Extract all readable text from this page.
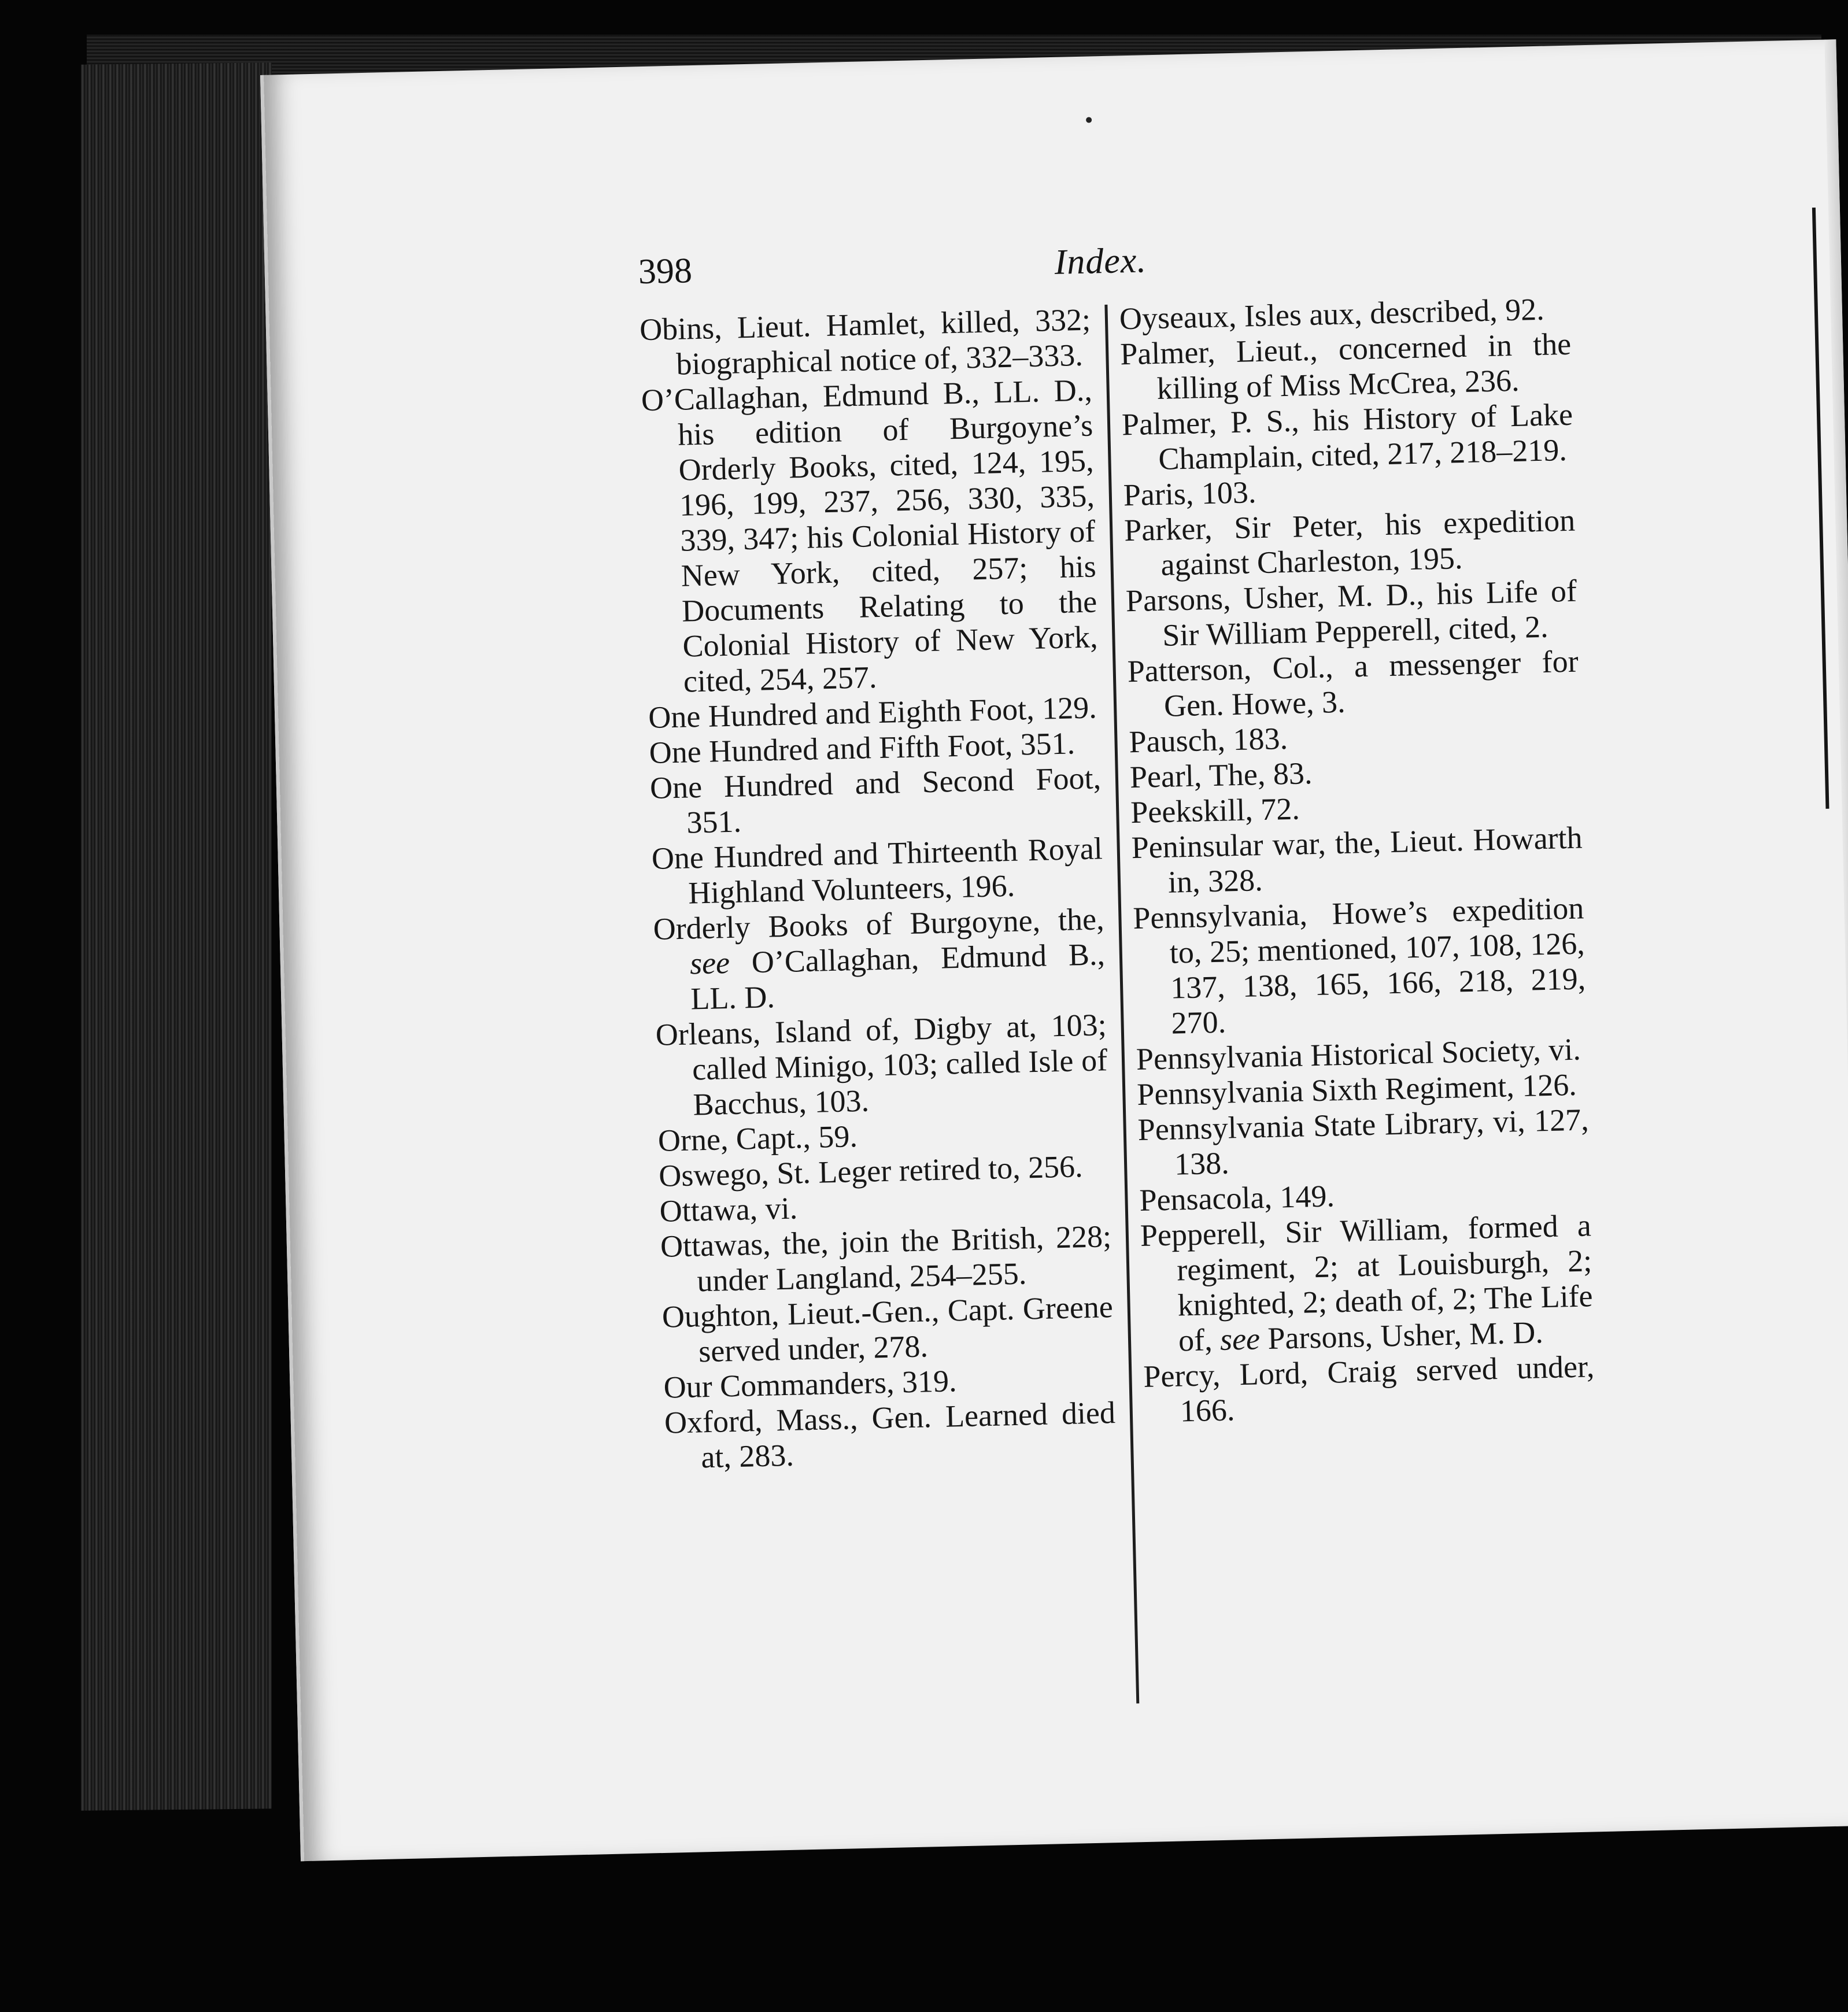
398	Index.

Obins, Lieut. Hamlet, killed, 332; biographical notice of, 332–333.

O’Callaghan, Edmund B., LL. D., his edition of Burgoyne’s Orderly Books, cited, 124, 195, 196, 199, 237, 256, 330, 335, 339, 347; his Colonial History of New York, cited, 257; his Documents Relating to the Colonial History of New York, cited, 254, 257.

One Hundred and Eighth Foot, 129.

One Hundred and Fifth Foot, 351.

One Hundred and Second Foot, 351.

One Hundred and Thirteenth Royal Highland Volunteers, 196.

Orderly Books of Burgoyne, the, see O’Callaghan, Edmund B., LL. D.

Orleans, Island of, Digby at, 103; called Minigo, 103; called Isle of Bacchus, 103.

Orne, Capt., 59.

Oswego, St. Leger retired to, 256.

Ottawa, vi.

Ottawas, the, join the British, 228; under Langland, 254–255.

Oughton, Lieut.-Gen., Capt. Greene served under, 278.

Our Commanders, 319.

Oxford, Mass., Gen. Learned died at, 283.

Oyseaux, Isles aux, described, 92.

Palmer, Lieut., concerned in the killing of Miss McCrea, 236.

Palmer, P. S., his History of Lake Champlain, cited, 217, 218–219.

Paris, 103.

Parker, Sir Peter, his expedition against Charleston, 195.

Parsons, Usher, M. D., his Life of Sir William Pepperell, cited, 2.

Patterson, Col., a messenger for Gen. Howe, 3.

Pausch, 183.

Pearl, The, 83.

Peekskill, 72.

Peninsular war, the, Lieut. Howarth in, 328.

Pennsylvania, Howe’s expedition to, 25; mentioned, 107, 108, 126, 137, 138, 165, 166, 218, 219, 270.

Pennsylvania Historical Society, vi.

Pennsylvania Sixth Regiment, 126.

Pennsylvania State Library, vi, 127, 138.

Pensacola, 149.

Pepperell, Sir William, formed a regiment, 2; at Louisburgh, 2; knighted, 2; death of, 2; The Life of, see Parsons, Usher, M. D.

Percy, Lord, Craig served under, 166.
